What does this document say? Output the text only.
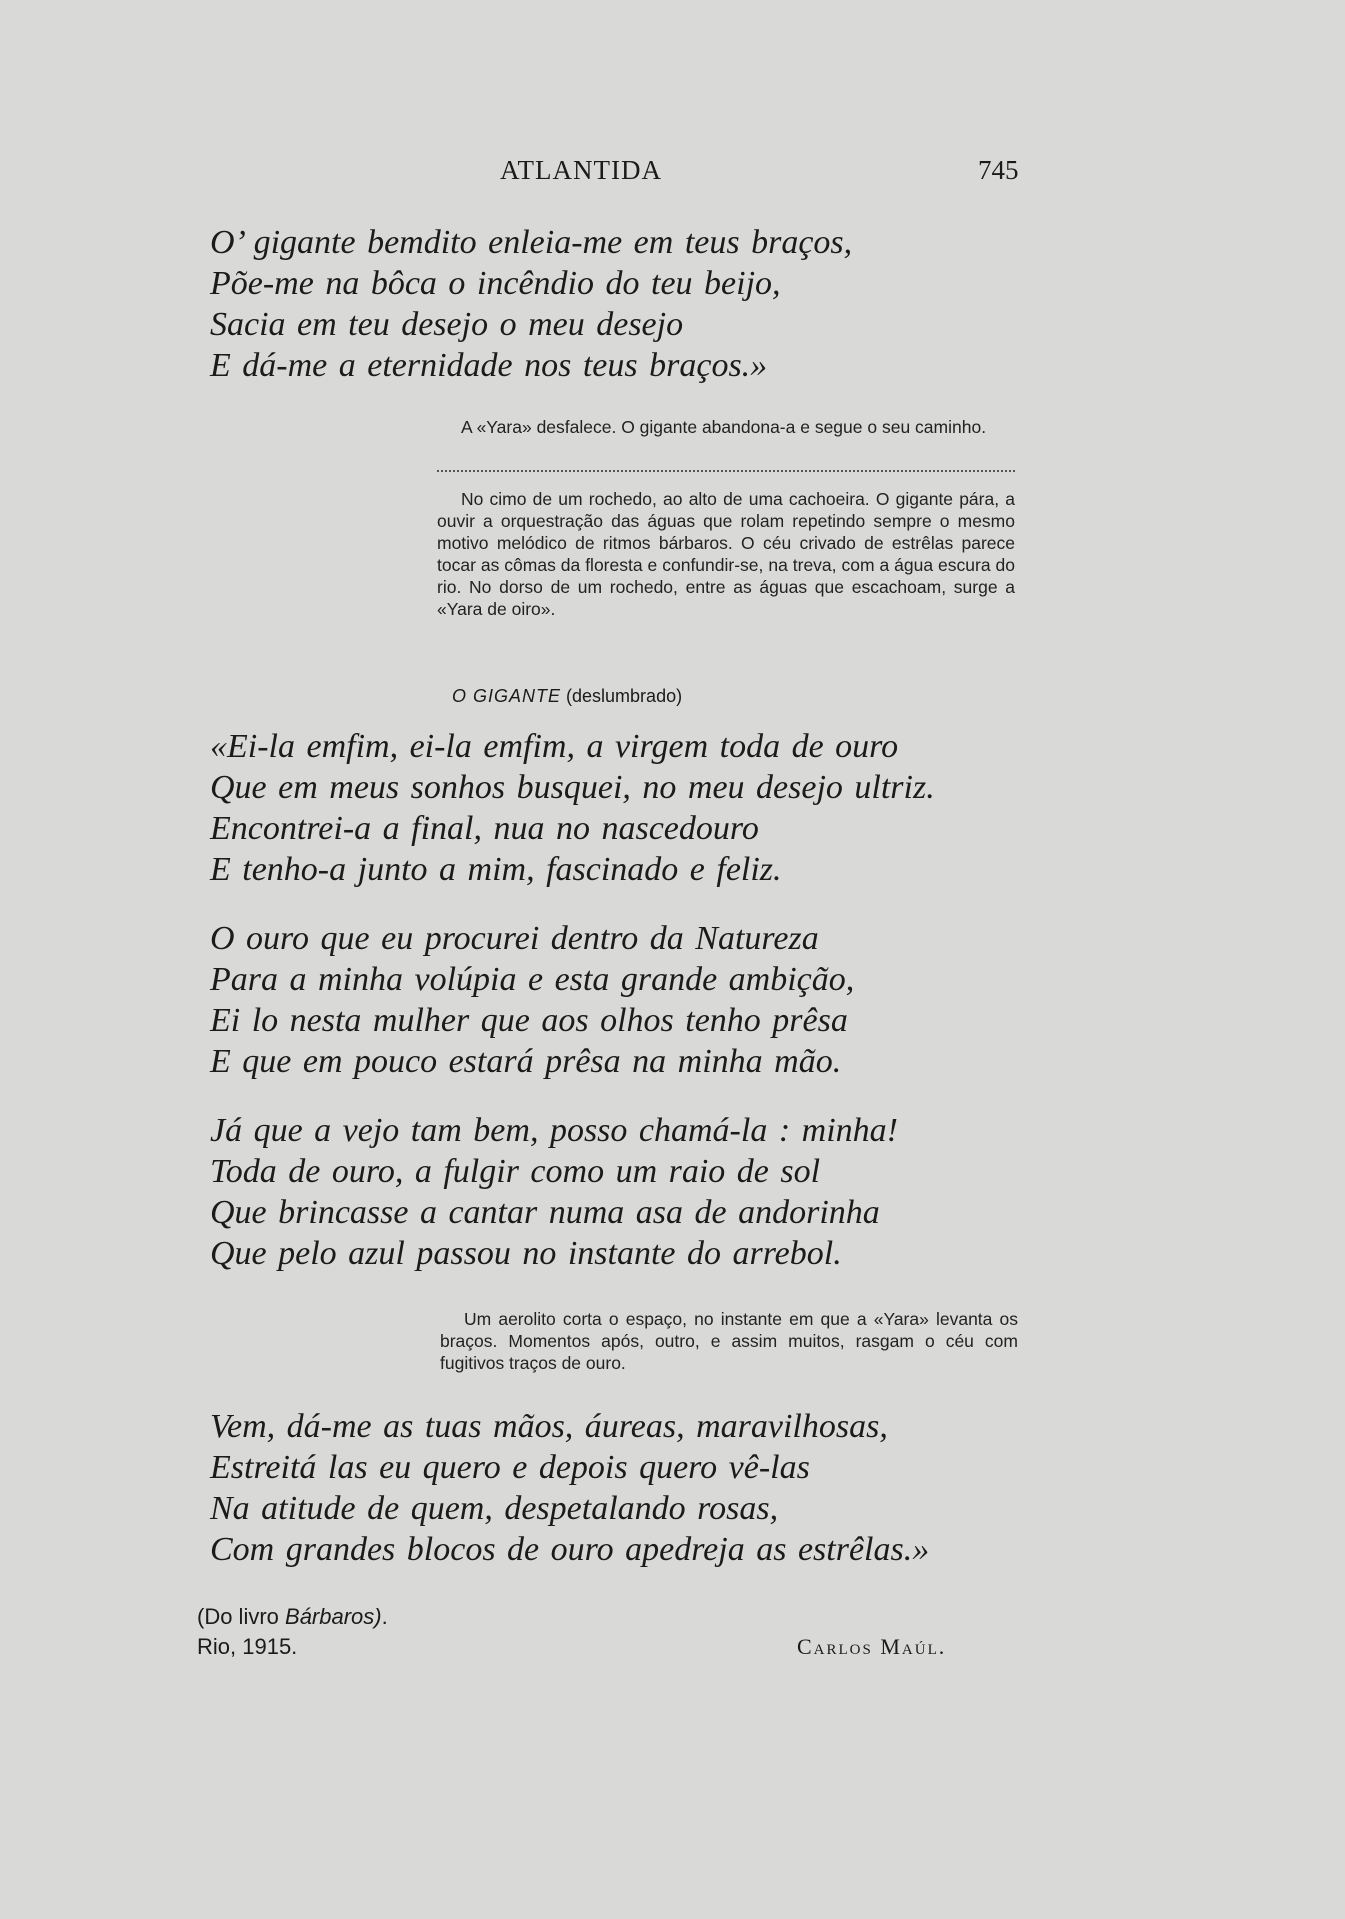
ATLANTIDA	745
O’ gigante bemdito enleia-me em teus braços,
Põe-me na bôca o incêndio do teu beijo,
Sacia em teu desejo o meu desejo
E dá-me a eternidade nos teus braços.»

A «Yara» desfalece. O gigante abandona-a e segue o seu caminho.

No cimo de um rochedo, ao alto de uma cachoeira. O gigante pára, a ouvir a orquestração das águas que rolam repetindo sempre o mesmo motivo melódico de ritmos bárbaros. O céu crivado de estrêlas parece tocar as cômas da floresta e confundir-se, na treva, com a água escura do rio. No dorso de um rochedo, entre as águas que escachoam, surge a «Yara de oiro».

O GIGANTE (deslumbrado)
«Ei-la emfim, ei-la emfim, a virgem toda de ouro
Que em meus sonhos busquei, no meu desejo ultriz.
Encontrei-a a final, nua no nascedouro
E tenho-a junto a mim, fascinado e feliz.
O ouro que eu procurei dentro da Natureza
Para a minha volúpia e esta grande ambição,
Ei lo nesta mulher que aos olhos tenho prêsa
E que em pouco estará prêsa na minha mão.
Já que a vejo tam bem, posso chamá-la : minha!
Toda de ouro, a fulgir como um raio de sol
Que brincasse a cantar numa asa de andorinha
Que pelo azul passou no instante do arrebol.

Um aerolito corta o espaço, no instante em que a «Yara» levanta os braços. Momentos após, outro, e assim muitos, rasgam o céu com fugitivos traços de ouro.

Vem, dá-me as tuas mãos, áureas, maravilhosas,
Estreitá las eu quero e depois quero vê-las
Na atitude de quem, despetalando rosas,
Com grandes blocos de ouro apedreja as estrêlas.»
(Do livro Bárbaros).
Rio, 1915.	Carlos Maúl.
